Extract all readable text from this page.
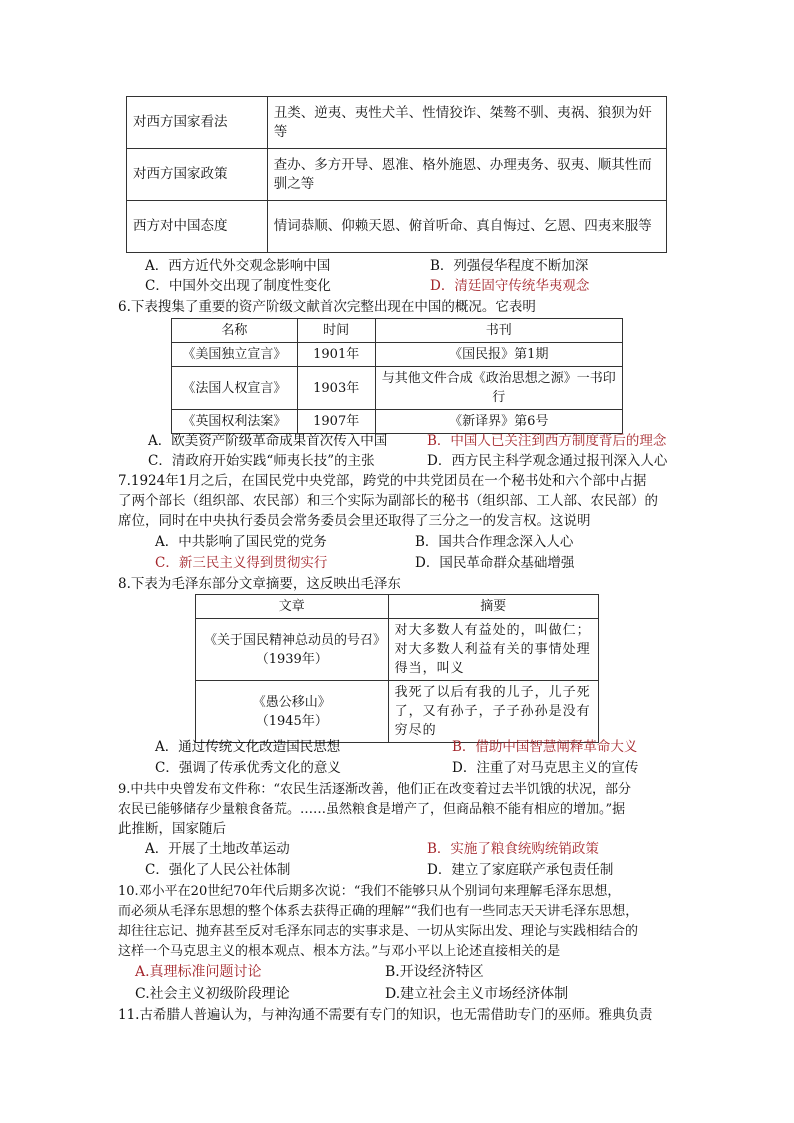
对西方国家看法	丑类、逆夷、夷性犬羊、性情狡诈、桀骜不驯、夷祸、狼狈为奸等
对西方国家政策	查办、多方开导、恩准、格外施恩、办理夷务、驭夷、顺其性而驯之等
西方对中国态度	情词恭顺、仰赖天恩、俯首听命、真自悔过、乞恩、四夷来服等
A．西方近代外交观念影响中国	B．列强侵华程度不断加深
C．中国外交出现了制度性变化	D．清廷固守传统华夷观念
6.下表搜集了重要的资产阶级文献首次完整出现在中国的概况。它表明
名称	时间	书刊
《美国独立宣言》	1901年	《国民报》第1期
《法国人权宣言》	1903年	与其他文件合成《政治思想之源》一书印行
《英国权利法案》	1907年	《新译界》第6号
A．欧美资产阶级革命成果首次传入中国	B．中国人已关注到西方制度背后的理念
C．清政府开始实践“师夷长技”的主张	D．西方民主科学观念通过报刊深入人心
7.1924年1月之后，在国民党中央党部，跨党的中共党团员在一个秘书处和六个部中占据
了两个部长（组织部、农民部）和三个实际为副部长的秘书（组织部、工人部、农民部）的
席位，同时在中央执行委员会常务委员会里还取得了三分之一的发言权。这说明
A．中共影响了国民党的党务	B．国共合作理念深入人心
C．新三民主义得到贯彻实行	D．国民革命群众基础增强
8.下表为毛泽东部分文章摘要，这反映出毛泽东
文章	摘要

《关于国民精神总动员的号召》
（1939年）	对大多数人有益处的，叫做仁；对大多数人利益有关的事情处理得当，叫义

《愚公移山》
（1945年）	我死了以后有我的儿子，儿子死了，又有孙子，子子孙孙是没有穷尽的
A．通过传统文化改造国民思想	B．借助中国智慧阐释革命大义
C．强调了传承优秀文化的意义	D．注重了对马克思主义的宣传
9.中共中央曾发布文件称：“农民生活逐渐改善，他们正在改变着过去半饥饿的状况，部分
农民已能够储存少量粮食备荒。……虽然粮食是增产了，但商品粮不能有相应的增加。”据
此推断，国家随后
A．开展了土地改革运动	B．实施了粮食统购统销政策
C．强化了人民公社体制	D．建立了家庭联产承包责任制
10.邓小平在20世纪70年代后期多次说：“我们不能够只从个别词句来理解毛泽东思想，
而必须从毛泽东思想的整个体系去获得正确的理解”“我们也有一些同志天天讲毛泽东思想，
却往往忘记、抛弃甚至反对毛泽东同志的实事求是、一切从实际出发、理论与实践相结合的
这样一个马克思主义的根本观点、根本方法。”与邓小平以上论述直接相关的是
A.真理标准问题讨论	B.开设经济特区
C.社会主义初级阶段理论	D.建立社会主义市场经济体制
11.古希腊人普遍认为，与神沟通不需要有专门的知识，也无需借助专门的巫师。雅典负责
